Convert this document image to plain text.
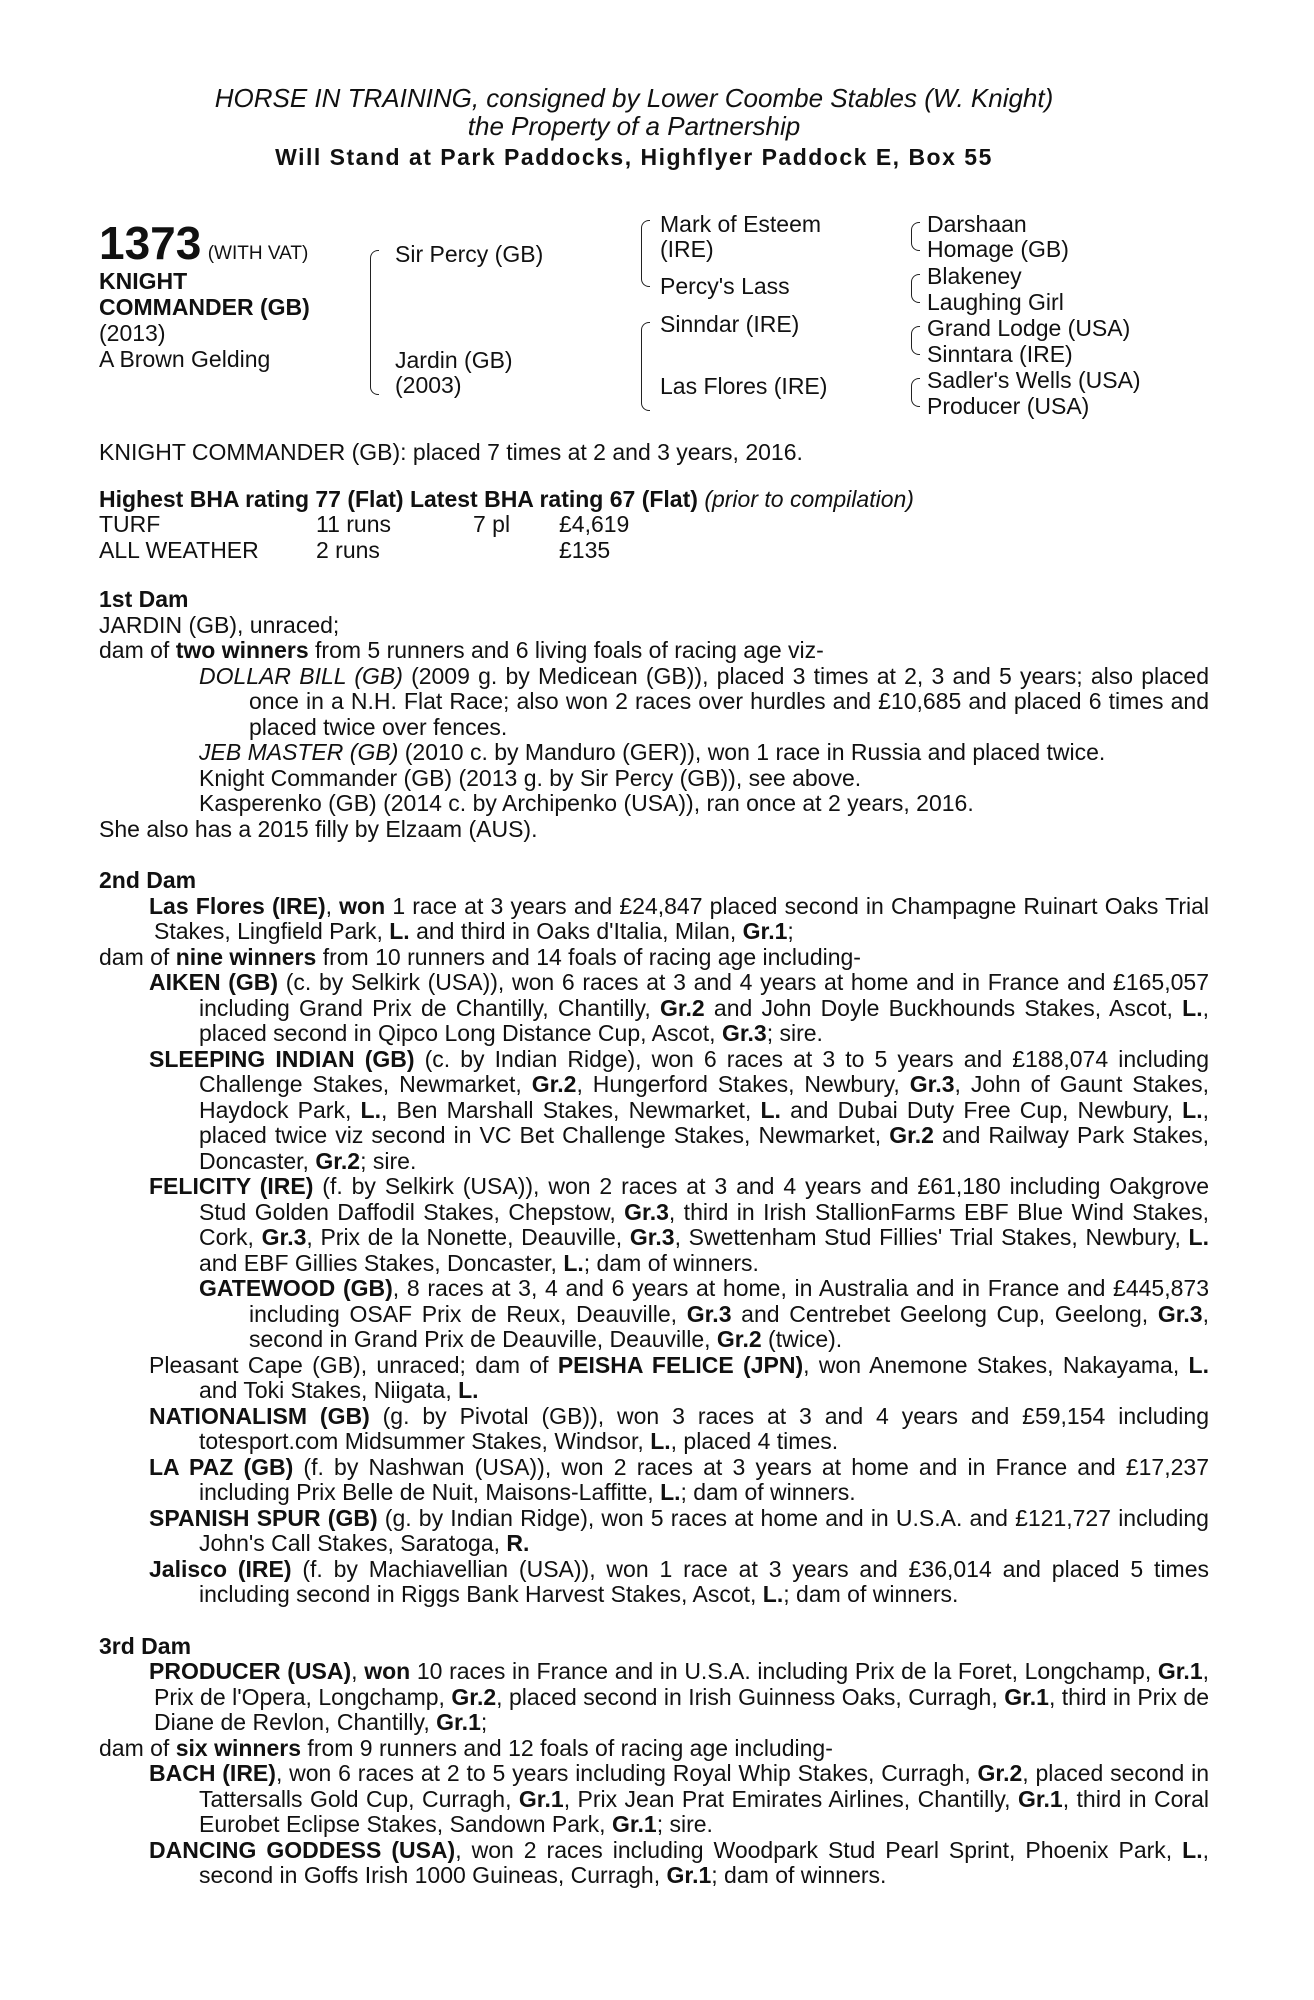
HORSE IN TRAINING, consigned by Lower Coombe Stables (W. Knight)

the Property of a Partnership

Will Stand at Park Paddocks, Highflyer Paddock E, Box 55

1373 (WITH VAT)
KNIGHT
COMMANDER (GB)
(2013)
A Brown Gelding
Sir Percy (GB)
Jardin (GB)
(2003)
Mark of Esteem
(IRE)
Percy's Lass
Sinndar (IRE)
Las Flores (IRE)
Darshaan
Homage (GB)
Blakeney
Laughing Girl
Grand Lodge (USA)
Sinntara (IRE)
Sadler's Wells (USA)
Producer (USA)

KNIGHT COMMANDER (GB): placed 7 times at 2 and 3 years, 2016.

Highest BHA rating 77 (Flat) Latest BHA rating 67 (Flat) (prior to compilation)

TURF	11 runs	7 pl	£4,619
ALL WEATHER	2 runs		£135

1st Dam

JARDIN (GB), unraced;

dam of two winners from 5 runners and 6 living foals of racing age viz-

DOLLAR BILL (GB) (2009 g. by Medicean (GB)), placed 3 times at 2, 3 and 5 years; also placed once in a N.H. Flat Race; also won 2 races over hurdles and £10,685 and placed 6 times and placed twice over fences.

JEB MASTER (GB) (2010 c. by Manduro (GER)), won 1 race in Russia and placed twice.

Knight Commander (GB) (2013 g. by Sir Percy (GB)), see above.

Kasperenko (GB) (2014 c. by Archipenko (USA)), ran once at 2 years, 2016.

She also has a 2015 filly by Elzaam (AUS).

2nd Dam

Las Flores (IRE), won 1 race at 3 years and £24,847 placed second in Champagne Ruinart Oaks Trial Stakes, Lingfield Park, L. and third in Oaks d'Italia, Milan, Gr.1;

dam of nine winners from 10 runners and 14 foals of racing age including-

AIKEN (GB) (c. by Selkirk (USA)), won 6 races at 3 and 4 years at home and in France and £165,057 including Grand Prix de Chantilly, Chantilly, Gr.2 and John Doyle Buckhounds Stakes, Ascot, L., placed second in Qipco Long Distance Cup, Ascot, Gr.3; sire.

SLEEPING INDIAN (GB) (c. by Indian Ridge), won 6 races at 3 to 5 years and £188,074 including Challenge Stakes, Newmarket, Gr.2, Hungerford Stakes, Newbury, Gr.3, John of Gaunt Stakes, Haydock Park, L., Ben Marshall Stakes, Newmarket, L. and Dubai Duty Free Cup, Newbury, L., placed twice viz second in VC Bet Challenge Stakes, Newmarket, Gr.2 and Railway Park Stakes, Doncaster, Gr.2; sire.

FELICITY (IRE) (f. by Selkirk (USA)), won 2 races at 3 and 4 years and £61,180 including Oakgrove Stud Golden Daffodil Stakes, Chepstow, Gr.3, third in Irish StallionFarms EBF Blue Wind Stakes, Cork, Gr.3, Prix de la Nonette, Deauville, Gr.3, Swettenham Stud Fillies' Trial Stakes, Newbury, L. and EBF Gillies Stakes, Doncaster, L.; dam of winners.

GATEWOOD (GB), 8 races at 3, 4 and 6 years at home, in Australia and in France and £445,873 including OSAF Prix de Reux, Deauville, Gr.3 and Centrebet Geelong Cup, Geelong, Gr.3, second in Grand Prix de Deauville, Deauville, Gr.2 (twice).

Pleasant Cape (GB), unraced; dam of PEISHA FELICE (JPN), won Anemone Stakes, Nakayama, L. and Toki Stakes, Niigata, L.

NATIONALISM (GB) (g. by Pivotal (GB)), won 3 races at 3 and 4 years and £59,154 including totesport.com Midsummer Stakes, Windsor, L., placed 4 times.

LA PAZ (GB) (f. by Nashwan (USA)), won 2 races at 3 years at home and in France and £17,237 including Prix Belle de Nuit, Maisons-Laffitte, L.; dam of winners.

SPANISH SPUR (GB) (g. by Indian Ridge), won 5 races at home and in U.S.A. and £121,727 including John's Call Stakes, Saratoga, R.

Jalisco (IRE) (f. by Machiavellian (USA)), won 1 race at 3 years and £36,014 and placed 5 times including second in Riggs Bank Harvest Stakes, Ascot, L.; dam of winners.

3rd Dam

PRODUCER (USA), won 10 races in France and in U.S.A. including Prix de la Foret, Longchamp, Gr.1, Prix de l'Opera, Longchamp, Gr.2, placed second in Irish Guinness Oaks, Curragh, Gr.1, third in Prix de Diane de Revlon, Chantilly, Gr.1;

dam of six winners from 9 runners and 12 foals of racing age including-

BACH (IRE), won 6 races at 2 to 5 years including Royal Whip Stakes, Curragh, Gr.2, placed second in Tattersalls Gold Cup, Curragh, Gr.1, Prix Jean Prat Emirates Airlines, Chantilly, Gr.1, third in Coral Eurobet Eclipse Stakes, Sandown Park, Gr.1; sire.

DANCING GODDESS (USA), won 2 races including Woodpark Stud Pearl Sprint, Phoenix Park, L., second in Goffs Irish 1000 Guineas, Curragh, Gr.1; dam of winners.
